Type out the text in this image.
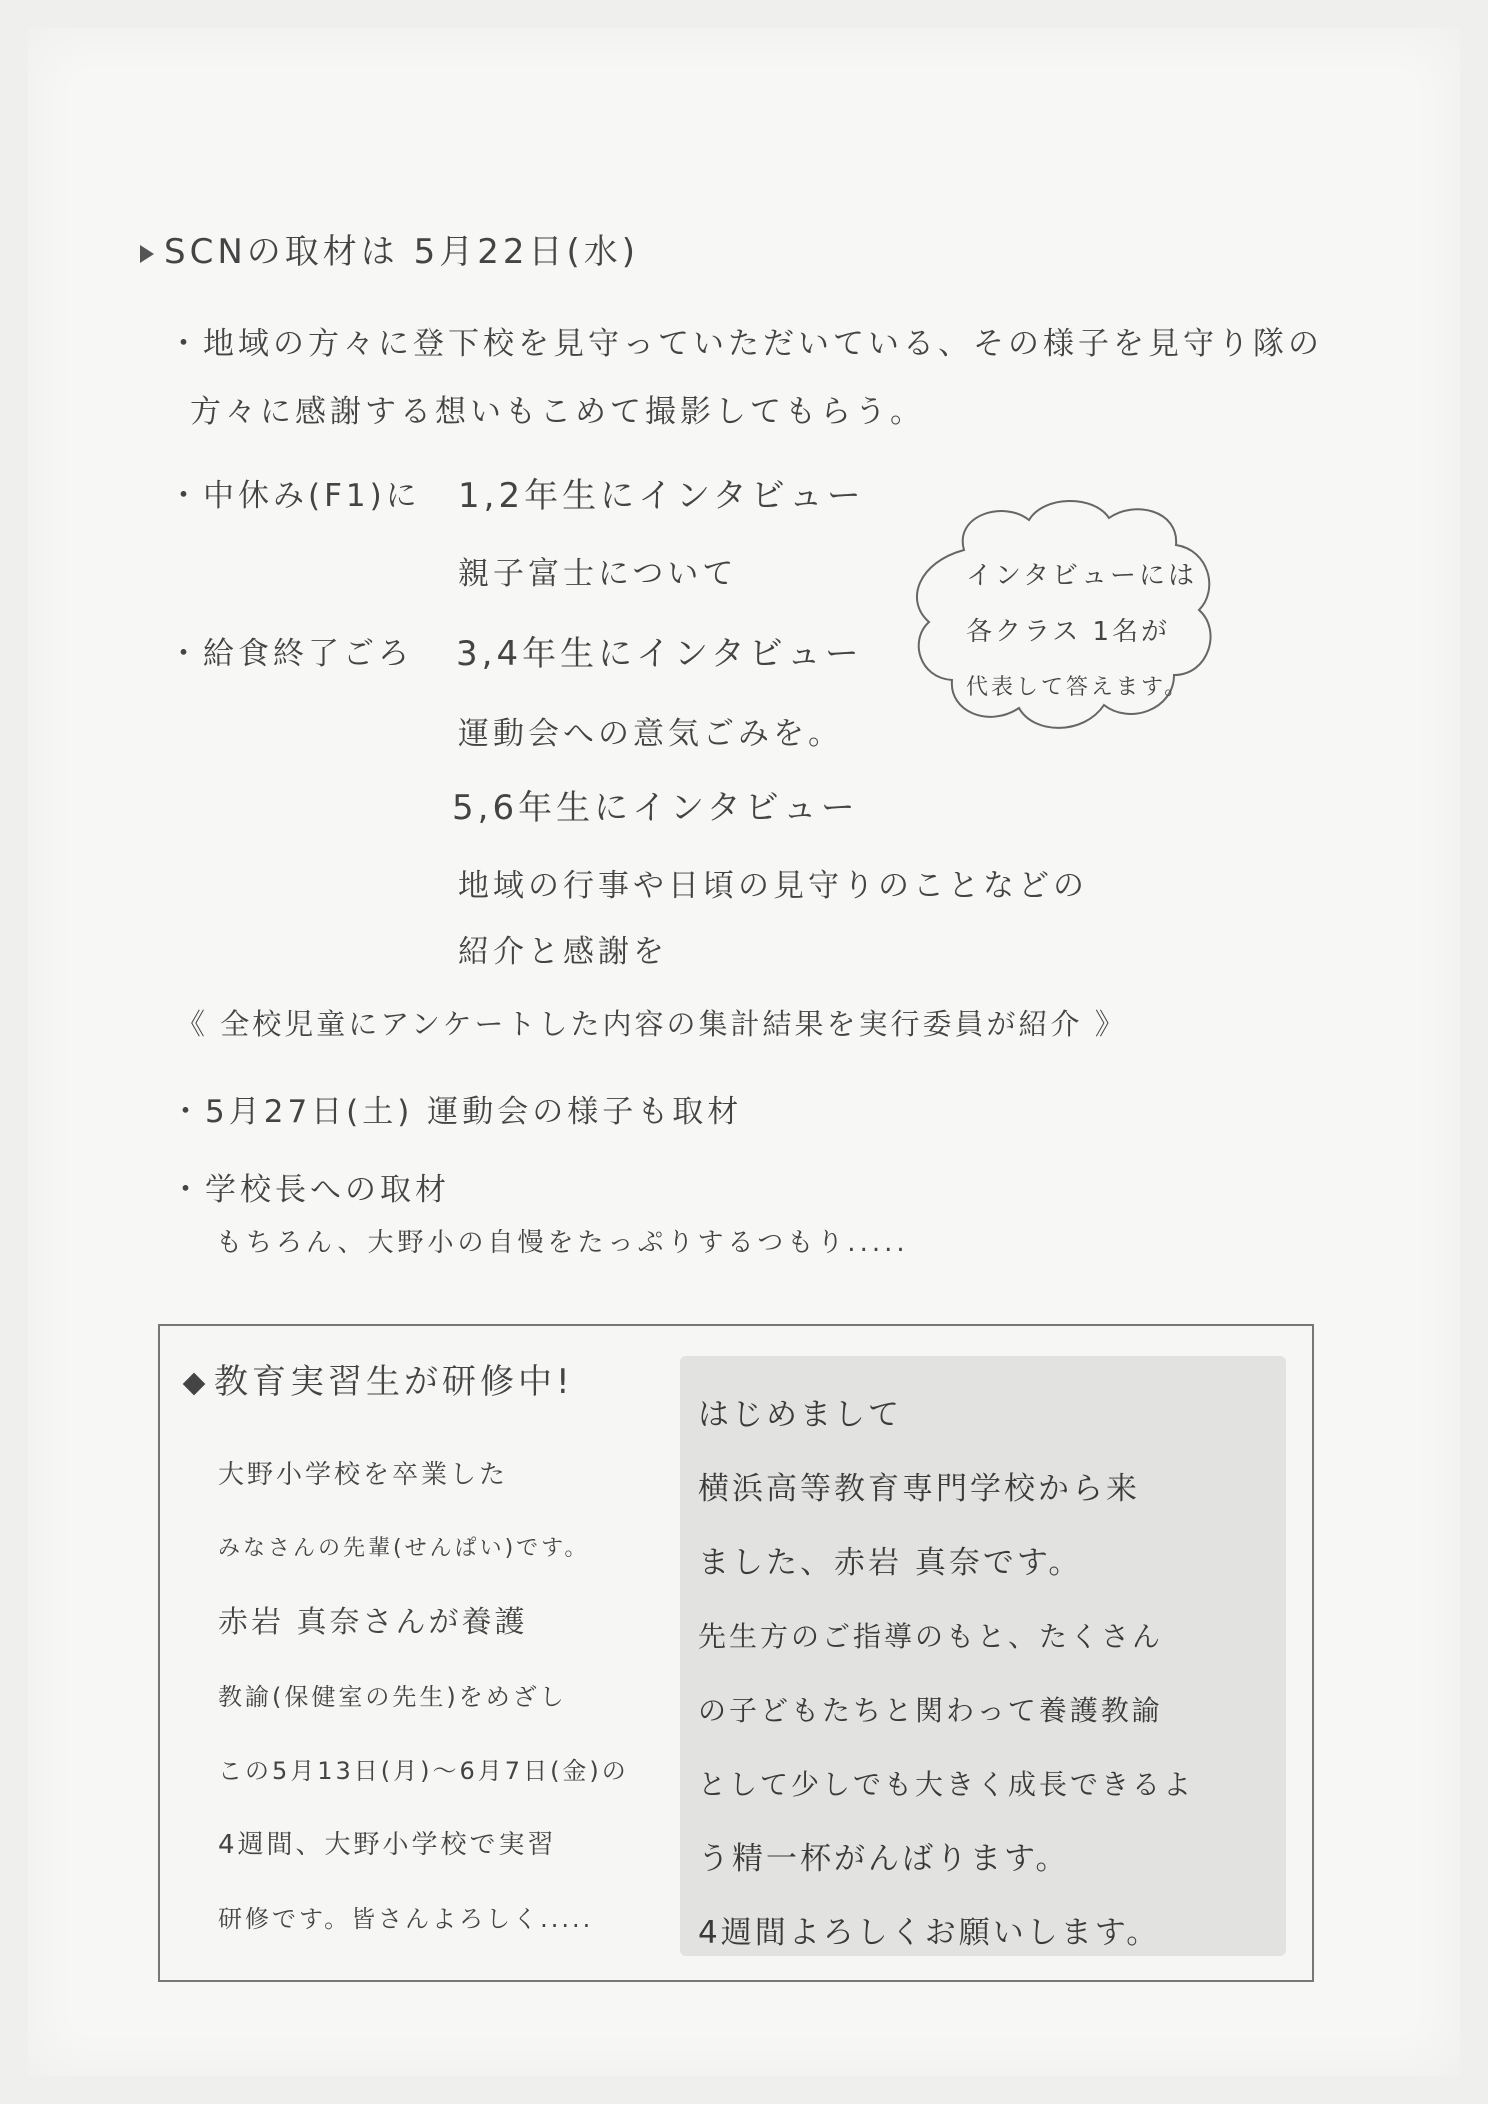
SCNの取材は 5月22日(水)
・地域の方々に登下校を見守っていただいている、その様子を見守り隊の
方々に感謝する想いもこめて撮影してもらう。
・中休み(F1)に 1,2年生にインタビュー
親子富士について
・給食終了ごろ 3,4年生にインタビュー
運動会への意気ごみを。
5,6年生にインタビュー
地域の行事や日頃の見守りのことなどの
紹介と感謝を
《 全校児童にアンケートした内容の集計結果を実行委員が紹介 》
・5月27日(土) 運動会の様子も取材
・学校長への取材
もちろん、大野小の自慢をたっぷりするつもり.....
インタビューには
各クラス 1名が
代表して答えます。
教育実習生が研修中!
大野小学校を卒業した
みなさんの先輩(せんぱい)です。
赤岩 真奈さんが養護
教諭(保健室の先生)をめざし
この5月13日(月)～6月7日(金)の
4週間、大野小学校で実習
研修です。皆さんよろしく.....
はじめまして
横浜高等教育専門学校から来
ました、赤岩 真奈です。
先生方のご指導のもと、たくさん
の子どもたちと関わって養護教諭
として少しでも大きく成長できるよ
う精一杯がんばります。
4週間よろしくお願いします。
